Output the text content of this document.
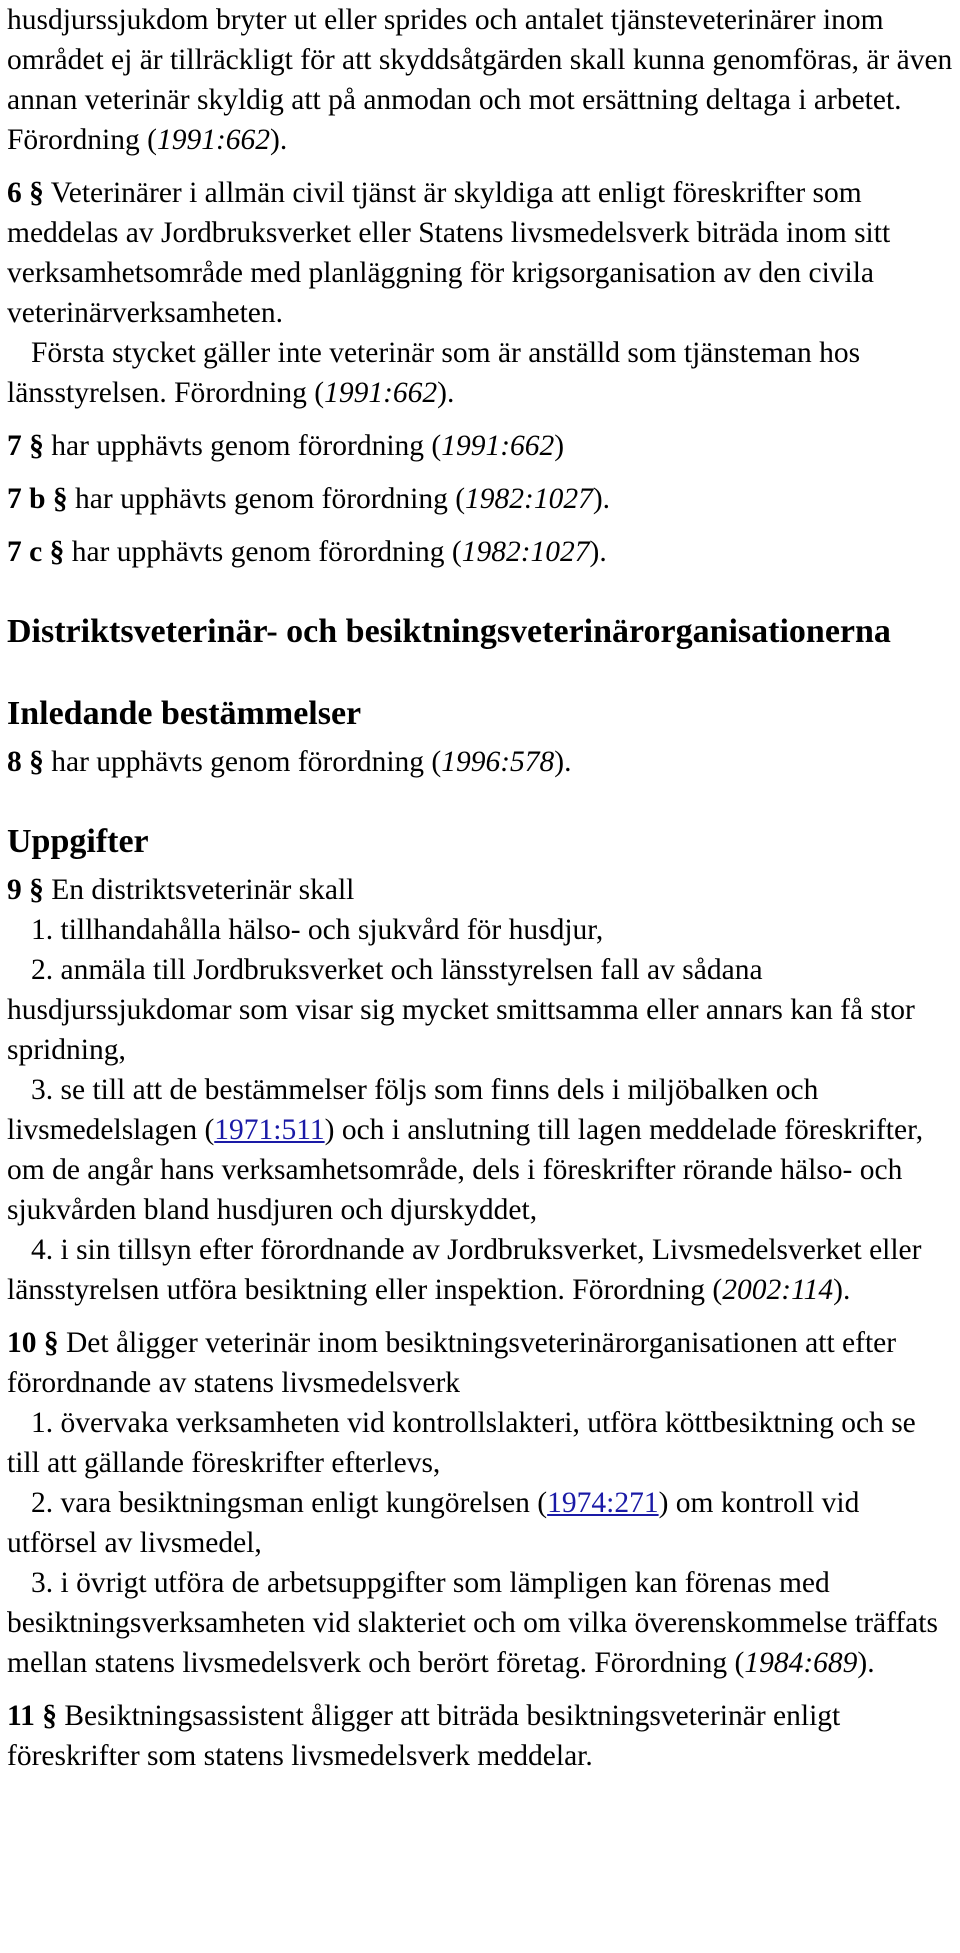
husdjurssjukdom bryter ut eller sprides och antalet tjänsteveterinärer inom området ej är tillräckligt för att skyddsåtgärden skall kunna genomföras, är även annan veterinär skyldig att på anmodan och mot ersättning deltaga i arbetet. Förordning (1991:662).

6 § Veterinärer i allmän civil tjänst är skyldiga att enligt föreskrifter som meddelas av Jordbruksverket eller Statens livsmedelsverk biträda inom sitt verksamhetsområde med planläggning för krigsorganisation av den civila veterinärverksamheten.

Första stycket gäller inte veterinär som är anställd som tjänsteman hos länsstyrelsen. Förordning (1991:662).

7 § har upphävts genom förordning (1991:662)

7 b § har upphävts genom förordning (1982:1027).

7 c § har upphävts genom förordning (1982:1027).

Distriktsveterinär- och besiktningsveterinärorganisationerna
Inledande bestämmelser

8 § har upphävts genom förordning (1996:578).

Uppgifter

9 § En distriktsveterinär skall

1. tillhandahålla hälso- och sjukvård för husdjur,

2. anmäla till Jordbruksverket och länsstyrelsen fall av sådana husdjurssjukdomar som visar sig mycket smittsamma eller annars kan få stor spridning,

3. se till att de bestämmelser följs som finns dels i miljöbalken och livsmedelslagen (1971:511) och i anslutning till lagen meddelade föreskrifter, om de angår hans verksamhetsområde, dels i föreskrifter rörande hälso- och sjukvården bland husdjuren och djurskyddet,

4. i sin tillsyn efter förordnande av Jordbruksverket, Livsmedelsverket eller länsstyrelsen utföra besiktning eller inspektion. Förordning (2002:114).

10 § Det åligger veterinär inom besiktningsveterinärorganisationen att efter förordnande av statens livsmedelsverk

1. övervaka verksamheten vid kontrollslakteri, utföra köttbesiktning och se till att gällande föreskrifter efterlevs,

2. vara besiktningsman enligt kungörelsen (1974:271) om kontroll vid utförsel av livsmedel,

3. i övrigt utföra de arbetsuppgifter som lämpligen kan förenas med besiktningsverksamheten vid slakteriet och om vilka överenskommelse träffats mellan statens livsmedelsverk och berört företag. Förordning (1984:689).

11 § Besiktningsassistent åligger att biträda besiktningsveterinär enligt föreskrifter som statens livsmedelsverk meddelar.
